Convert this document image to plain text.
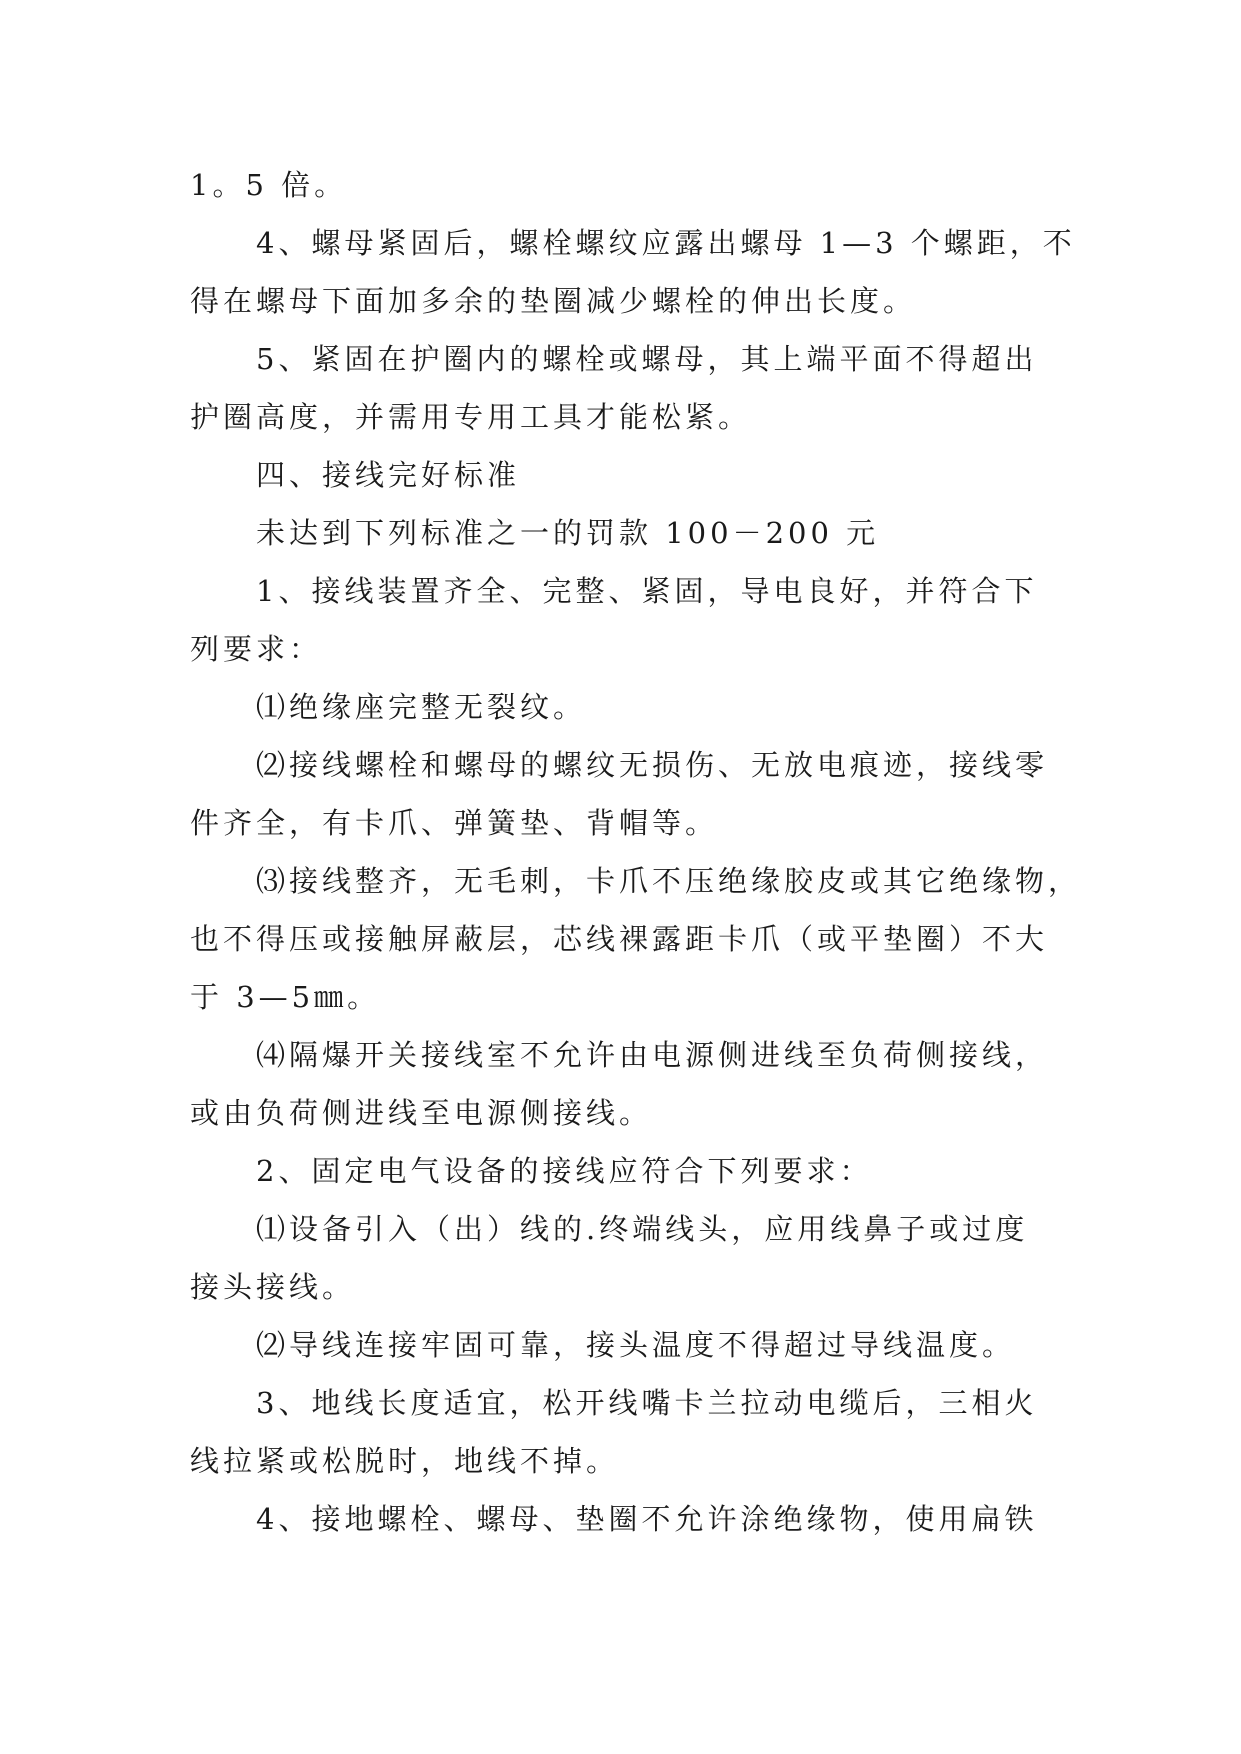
1。5 倍。
4、螺母紧固后，螺栓螺纹应露出螺母 1—3 个螺距，不
得在螺母下面加多余的垫圈减少螺栓的伸出长度。
5、紧固在护圈内的螺栓或螺母，其上端平面不得超出
护圈高度，并需用专用工具才能松紧。
四、接线完好标准
未达到下列标准之一的罚款 100－200 元
1、接线装置齐全、完整、紧固，导电良好，并符合下
列要求：
⑴绝缘座完整无裂纹。
⑵接线螺栓和螺母的螺纹无损伤、无放电痕迹，接线零
件齐全，有卡爪、弹簧垫、背帽等。
⑶接线整齐，无毛刺，卡爪不压绝缘胶皮或其它绝缘物，
也不得压或接触屏蔽层，芯线裸露距卡爪（或平垫圈）不大
于 3—5㎜。
⑷隔爆开关接线室不允许由电源侧进线至负荷侧接线，
或由负荷侧进线至电源侧接线。
2、固定电气设备的接线应符合下列要求：
⑴设备引入（出）线的.终端线头，应用线鼻子或过度
接头接线。
⑵导线连接牢固可靠，接头温度不得超过导线温度。
3、地线长度适宜，松开线嘴卡兰拉动电缆后，三相火
线拉紧或松脱时，地线不掉。
4、接地螺栓、螺母、垫圈不允许涂绝缘物，使用扁铁
